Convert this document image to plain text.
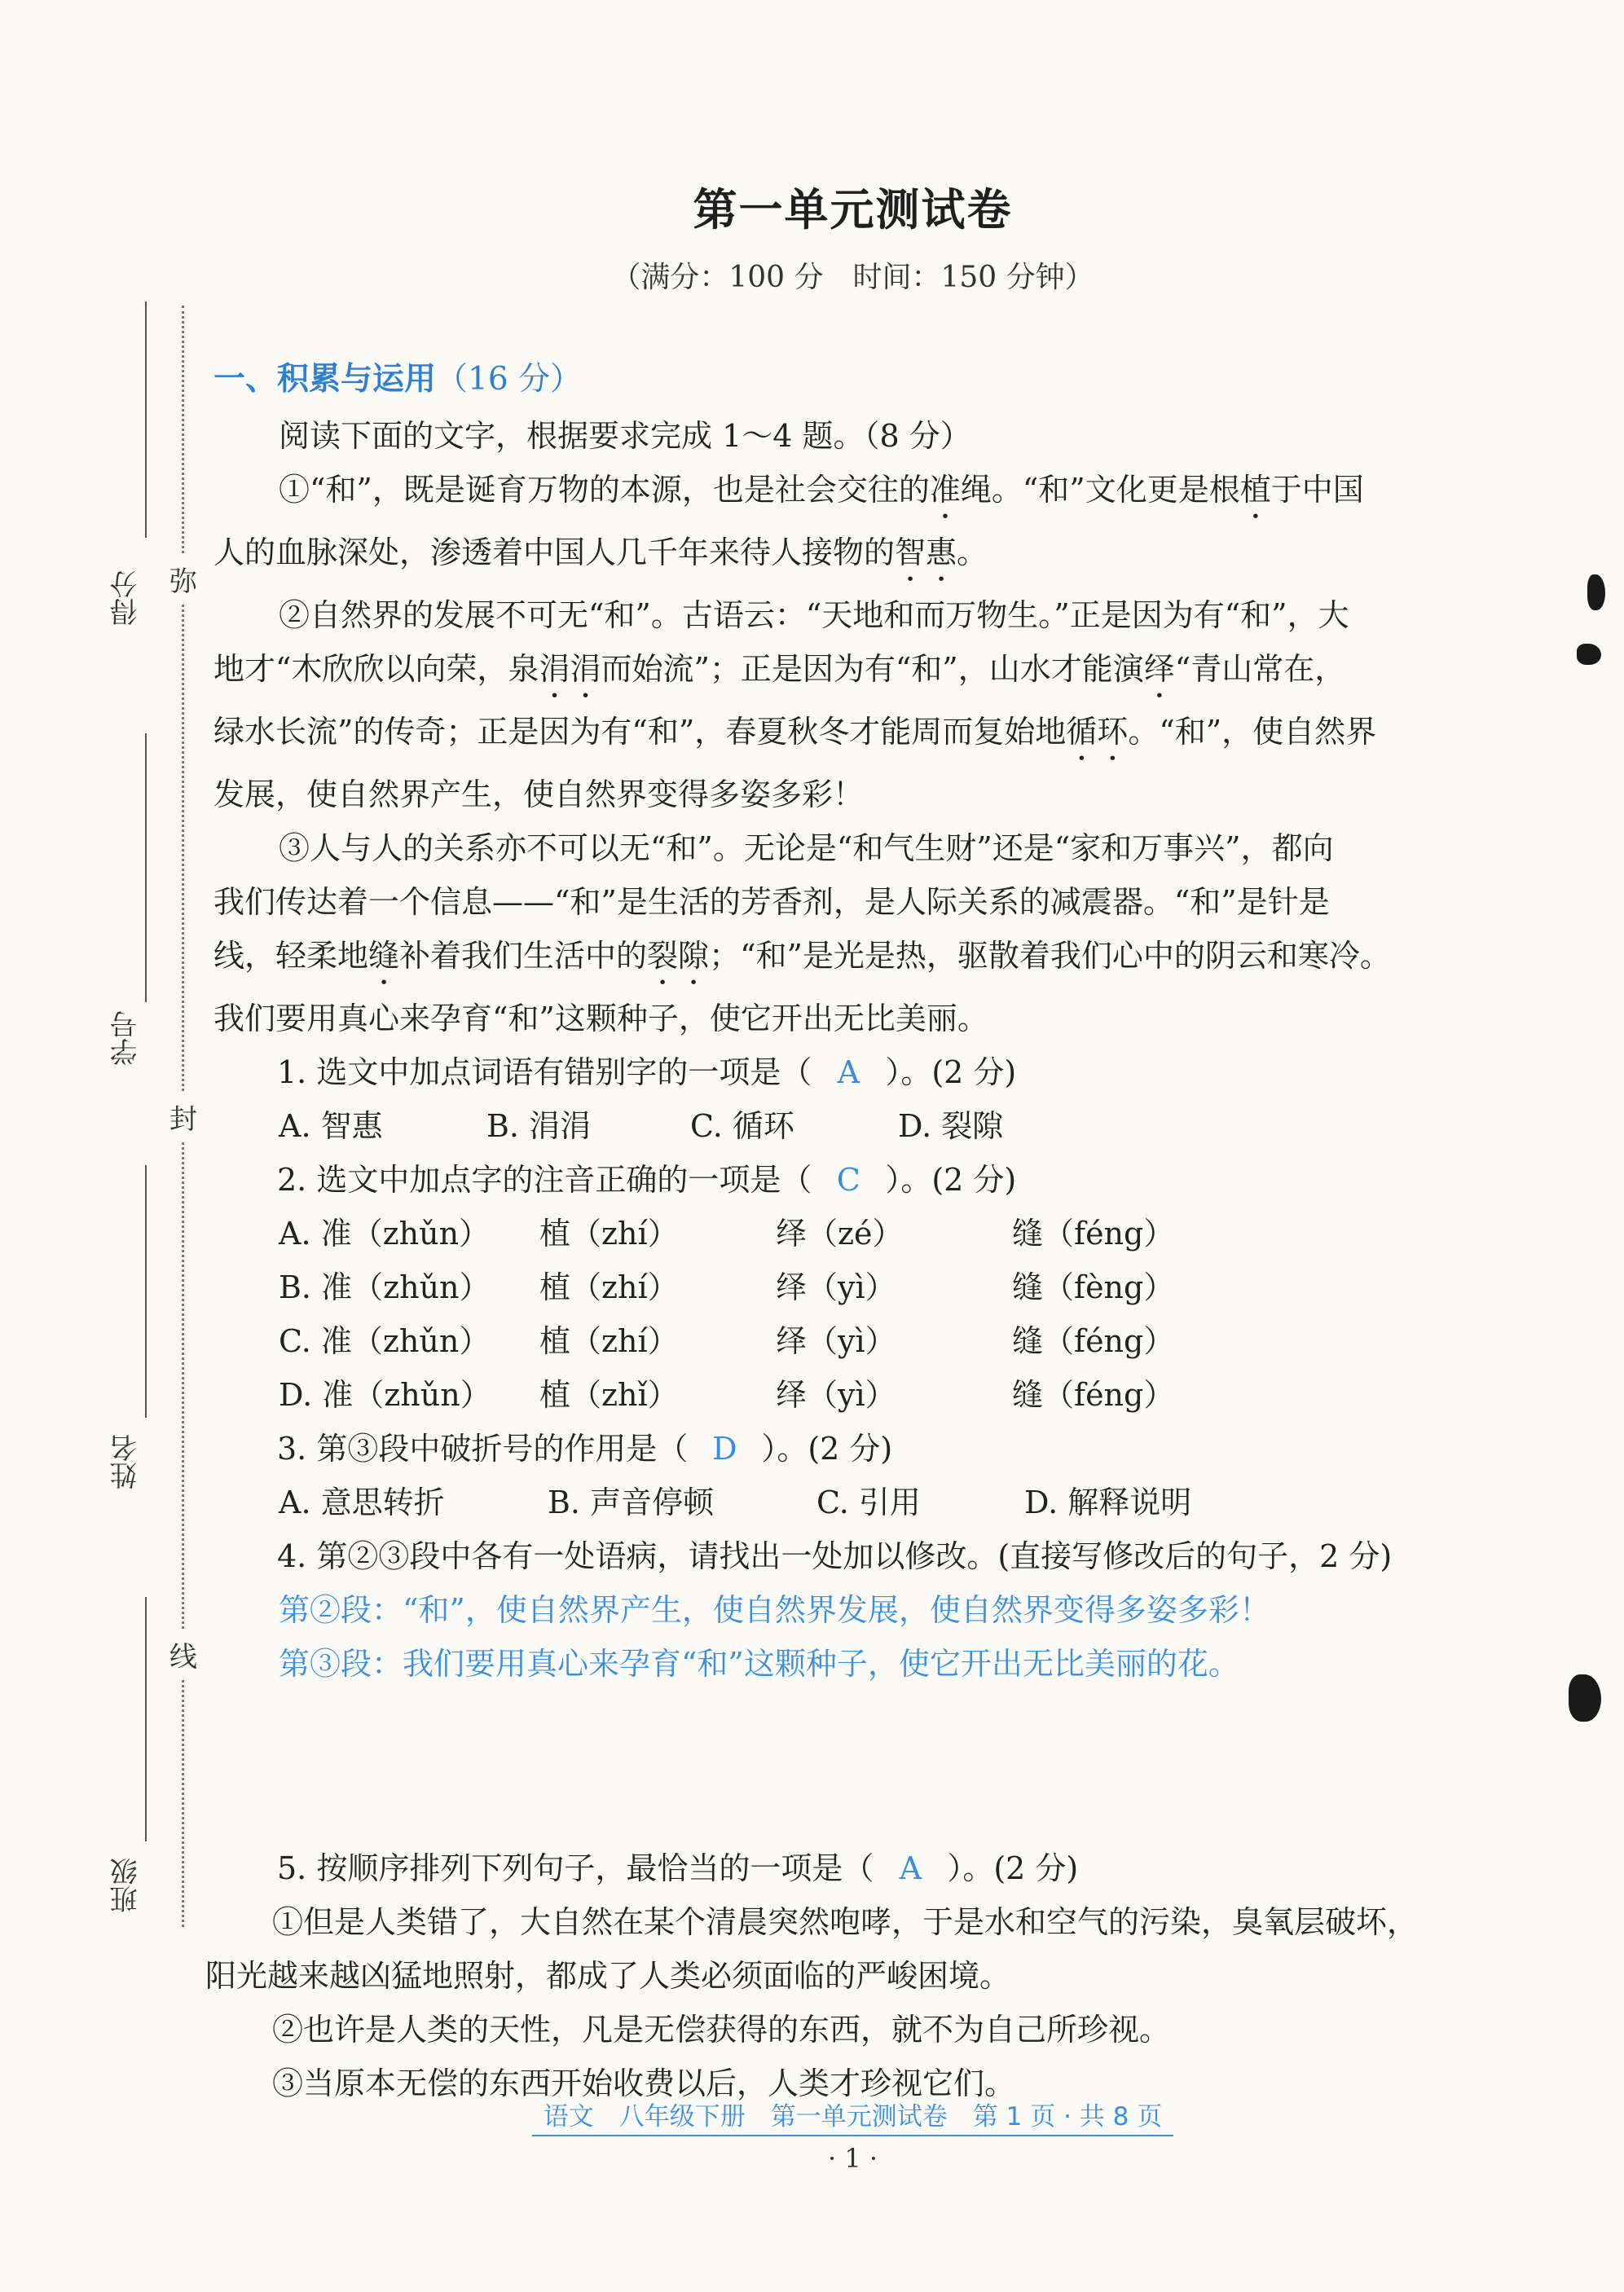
第一单元测试卷
（满分：100 分　时间：150 分钟）
弥
封
线
得分
学号
姓名
班级
一、积累与运用（16 分）
阅读下面的文字，根据要求完成 1～4 题。（8 分）
①“和”，既是诞育万物的本源，也是社会交往的准绳。“和”文化更是根植于中国
人的血脉深处，渗透着中国人几千年来待人接物的智惠。
②自然界的发展不可无“和”。古语云：“天地和而万物生。”正是因为有“和”，大
地才“木欣欣以向荣，泉涓涓而始流”；正是因为有“和”，山水才能演绎“青山常在，
绿水长流”的传奇；正是因为有“和”，春夏秋冬才能周而复始地循环。“和”，使自然界
发展，使自然界产生，使自然界变得多姿多彩！
③人与人的关系亦不可以无“和”。无论是“和气生财”还是“家和万事兴”，都向
我们传达着一个信息——“和”是生活的芳香剂，是人际关系的减震器。“和”是针是
线，轻柔地缝补着我们生活中的裂隙；“和”是光是热，驱散着我们心中的阴云和寒冷。
我们要用真心来孕育“和”这颗种子，使它开出无比美丽。
1. 选文中加点词语有错别字的一项是（ A ）。(2 分)
A. 智惠	B. 涓涓	C. 循环	D. 裂隙
2. 选文中加点字的注音正确的一项是（ C ）。(2 分)
A. 准（zhǔn）	植（zhí）	绎（zé）	缝（féng）
B. 准（zhǔn）	植（zhí）	绎（yì）	缝（fèng）
C. 准（zhǔn）	植（zhí）	绎（yì）	缝（féng）
D. 准（zhǔn）	植（zhǐ）	绎（yì）	缝（féng）
3. 第③段中破折号的作用是（ D ）。(2 分)
A. 意思转折	B. 声音停顿	C. 引用	D. 解释说明
4. 第②③段中各有一处语病，请找出一处加以修改。(直接写修改后的句子，2 分)
第②段：“和”，使自然界产生，使自然界发展，使自然界变得多姿多彩！
第③段：我们要用真心来孕育“和”这颗种子，使它开出无比美丽的花。
5. 按顺序排列下列句子，最恰当的一项是（ A ）。(2 分)
①但是人类错了，大自然在某个清晨突然咆哮，于是水和空气的污染，臭氧层破坏，
阳光越来越凶猛地照射，都成了人类必须面临的严峻困境。
②也许是人类的天性，凡是无偿获得的东西，就不为自己所珍视。
③当原本无偿的东西开始收费以后，人类才珍视它们。
语文　八年级下册　第一单元测试卷　第 1 页 · 共 8 页
· 1 ·
